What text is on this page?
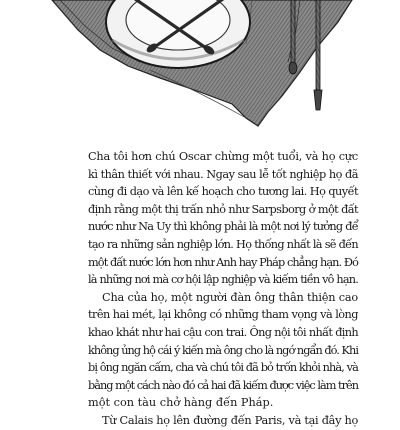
Cha tôi hơn chú Oscar chừng một tuổi, và họ cực
kì thân thiết với nhau. Ngay sau lễ tốt nghiệp họ đã
cùng đi dạo và lên kế hoạch cho tương lai. Họ quyết
định rằng một thị trấn nhỏ như Sarpsborg ở một đất
nước như Na Uy thì không phải là một nơi lý tưởng để
tạo ra những sản nghiệp lớn. Họ thống nhất là sẽ đến
một đất nước lớn hơn như Anh hay Pháp chẳng hạn. Đó
là những nơi mà cơ hội lập nghiệp và kiếm tiền vô hạn.
Cha của họ, một người đàn ông thân thiện cao
trên hai mét, lại không có những tham vọng và lòng
khao khát như hai cậu con trai. Ông nội tôi nhất định
không ủng hộ cái ý kiến mà ông cho là ngớ ngẩn đó. Khi
bị ông ngăn cấm, cha và chú tôi đã bỏ trốn khỏi nhà, và
bằng một cách nào đó cả hai đã kiếm được việc làm trên
một con tàu chở hàng đến Pháp.
Từ Calais họ lên đường đến Paris, và tại đây họ
